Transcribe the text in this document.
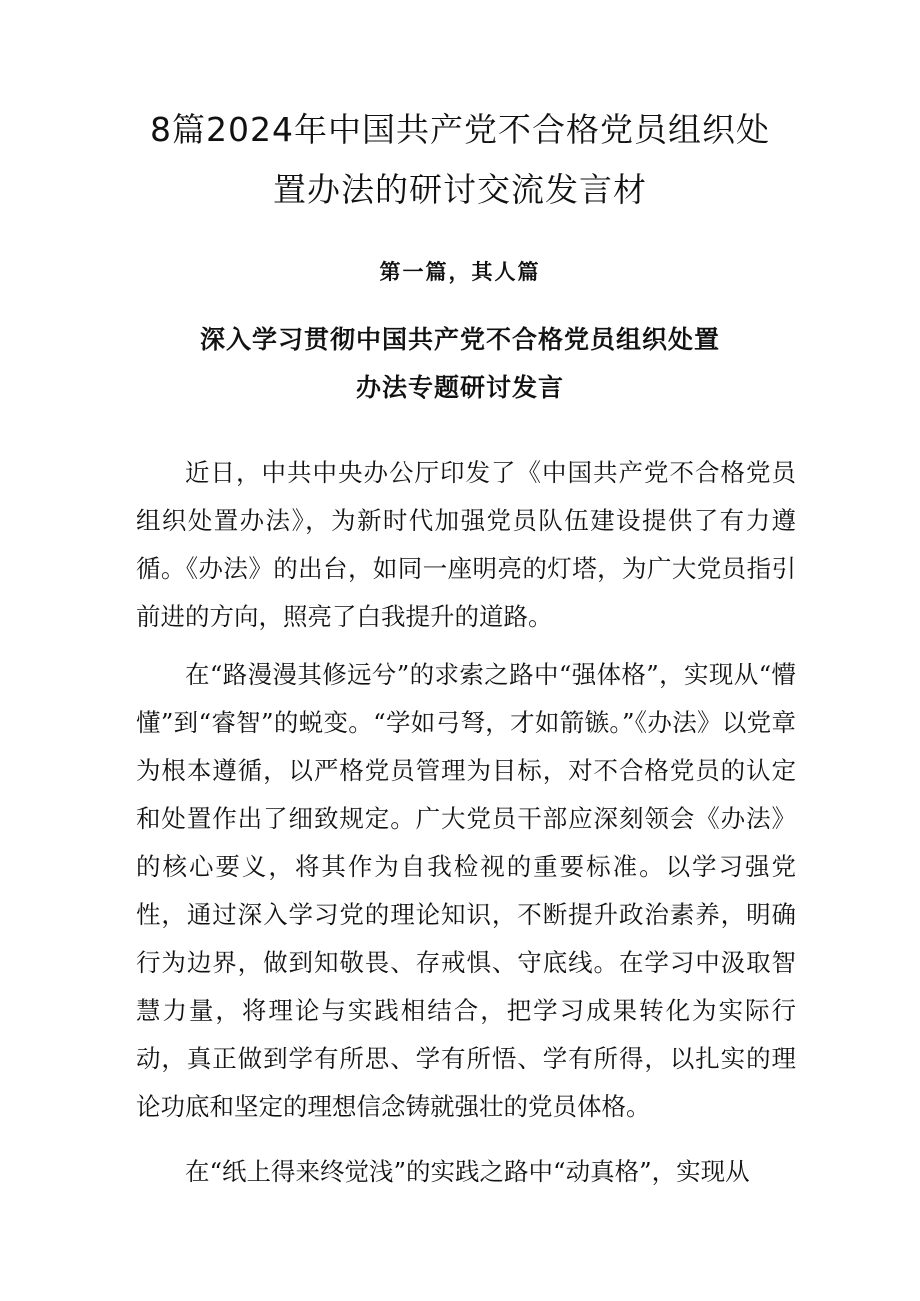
8篇2024年中国共产党不合格党员组织处
置办法的研讨交流发言材
第一篇，其人篇
深入学习贯彻中国共产党不合格党员组织处置
办法专题研讨发言

近日，中共中央办公厅印发了《中国共产党不合格党员组织处置办法》，为新时代加强党员队伍建设提供了有力遵循。《办法》的出台，如同一座明亮的灯塔，为广大党员指引前进的方向，照亮了白我提升的道路。

在“路漫漫其修远兮”的求索之路中“强体格”，实现从“懵懂”到“睿智”的蜕变。“学如弓弩，才如箭镞。”《办法》以党章为根本遵循，以严格党员管理为目标，对不合格党员的认定和处置作出了细致规定。广大党员干部应深刻领会《办法》的核心要义，将其作为自我检视的重要标准。以学习强党性，通过深入学习党的理论知识，不断提升政治素养，明确行为边界，做到知敬畏、存戒惧、守底线。在学习中汲取智慧力量，将理论与实践相结合，把学习成果转化为实际行动，真正做到学有所思、学有所悟、学有所得，以扎实的理论功底和坚定的理想信念铸就强壮的党员体格。

在“纸上得来终觉浅”的实践之路中“动真格”，实现从
